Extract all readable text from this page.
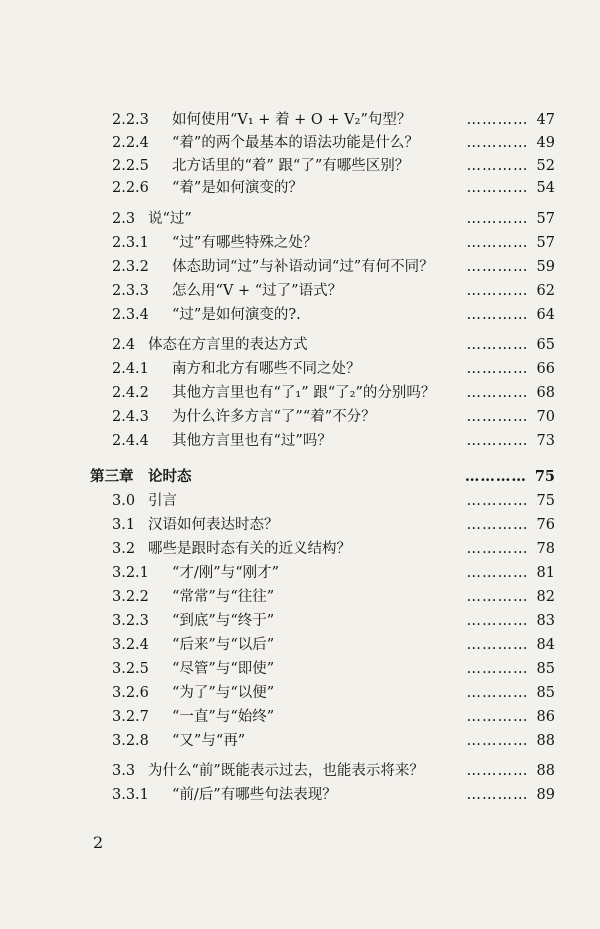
2.2.3 如何使用“V₁ + 着 + O + V₂”句型？	………… 47
2.2.4 “着”的两个最基本的语法功能是什么？	………… 49
2.2.5 北方话里的“着” 跟“了”有哪些区别？	………… 52
2.2.6 “着”是如何演变的？	………… 54
2.3 说“过”	………… 57
2.3.1 “过”有哪些特殊之处？	………… 57
2.3.2 体态助词“过”与补语动词“过”有何不同？ ………… 59
2.3.3 怎么用“V + “过了”语式？	………… 62
2.3.4 “过”是如何演变的?.	………… 64
2.4 体态在方言里的表达方式	………… 65
2.4.1 南方和北方有哪些不同之处？	………… 66
2.4.2 其他方言里也有“了₁” 跟“了₂”的分别吗？ ………… 68
2.4.3 为什么许多方言“了”“着”不分？	………… 70
2.4.4 其他方言里也有“过”吗？	………… 73
第三章 论时态	………… 75
3.0 引言	………… 75
3.1 汉语如何表达时态？	………… 76
3.2 哪些是跟时态有关的近义结构？	………… 78
3.2.1 “才/刚”与“刚才”	………… 81
3.2.2 “常常”与“往往”	………… 82
3.2.3 “到底”与“终于”	………… 83
3.2.4 “后来”与“以后”	………… 84
3.2.5 “尽管”与“即使”	………… 85
3.2.6 “为了”与“以便”	………… 85
3.2.7 “一直”与“始终”	………… 86
3.2.8 “又”与“再”	………… 88
3.3 为什么“前”既能表示过去，也能表示将来？	………… 88
3.3.1 “前/后”有哪些句法表现？	………… 89
2
